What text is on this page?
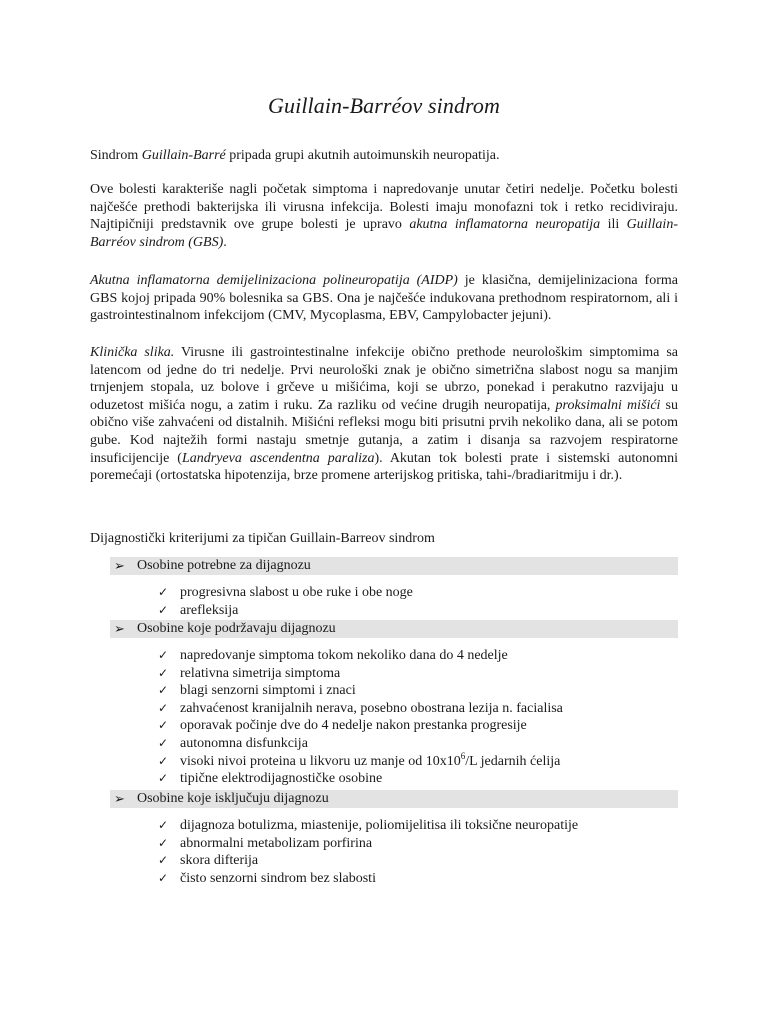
Guillain-Barréov sindrom

Sindrom Guillain-Barré pripada grupi akutnih autoimunskih neuropatija.

Ove bolesti karakteriše nagli početak simptoma i napredovanje unutar četiri nedelje. Početku bolesti najčešće prethodi bakterijska ili virusna infekcija. Bolesti imaju monofazni tok i retko recidiviraju. Najtipičniji predstavnik ove grupe bolesti je upravo akutna inflamatorna neuropatija ili Guillain-Barréov sindrom (GBS).

Akutna inflamatorna demijelinizaciona polineuropatija (AIDP) je klasična, demijelinizaciona forma GBS kojoj pripada 90% bolesnika sa GBS. Ona je najčešće indukovana prethodnom respiratornom, ali i gastrointestinalnom infekcijom (CMV, Mycoplasma, EBV, Campylobacter jejuni).

Klinička slika. Virusne ili gastrointestinalne infekcije obično prethode neurološkim simptomima sa latencom od jedne do tri nedelje. Prvi neurološki znak je obično simetrična slabost nogu sa manjim trnjenjem stopala, uz bolove i grčeve u mišićima, koji se ubrzo, ponekad i perakutno razvijaju u oduzetost mišića nogu, a zatim i ruku. Za razliku od većine drugih neuropatija, proksimalni mišići su obično više zahvaćeni od distalnih. Mišićni refleksi mogu biti prisutni prvih nekoliko dana, ali se potom gube. Kod najtežih formi nastaju smetnje gutanja, a zatim i disanja sa razvojem respiratorne insuficijencije (Landryeva ascendentna paraliza). Akutan tok bolesti prate i sistemski autonomni poremećaji (ortostatska hipotenzija, brze promene arterijskog pritiska, tahi-/bradiaritmiju i dr.).

Dijagnostički kriterijumi za tipičan Guillain-Barreov sindrom

➢ Osobine potrebne za dijagnozu
✓ progresivna slabost u obe ruke i obe noge
✓ arefleksija
➢ Osobine koje podržavaju dijagnozu
✓ napredovanje simptoma tokom nekoliko dana do 4 nedelje
✓ relativna simetrija simptoma
✓ blagi senzorni simptomi i znaci
✓ zahvaćenost kranijalnih nerava, posebno obostrana lezija n. facialisa
✓ oporavak počinje dve do 4 nedelje nakon prestanka progresije
✓ autonomna disfunkcija
✓ visoki nivoi proteina u likvoru uz manje od $10x10^6/L$ jedarnih ćelija
✓ tipične elektrodijagnostičke osobine
➢ Osobine koje isključuju dijagnozu
✓ dijagnoza botulizma, miastenije, poliomijelitisa ili toksične neuropatije
✓ abnormalni metabolizam porfirina
✓ skora difterija
✓ čisto senzorni sindrom bez slabosti
